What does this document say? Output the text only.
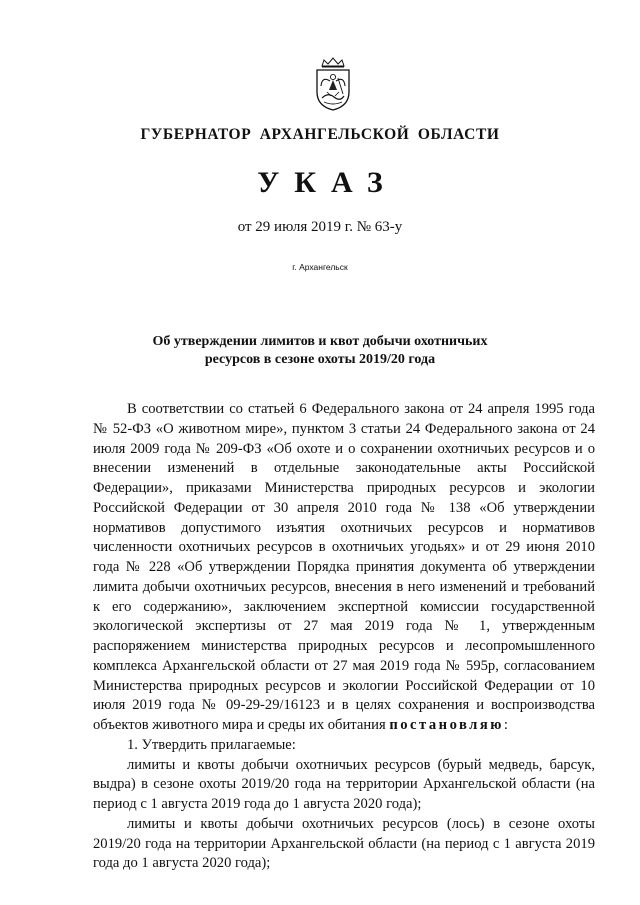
ГУБЕРНАТОР АРХАНГЕЛЬСКОЙ ОБЛАСТИ
УКАЗ
от 29 июля 2019 г. № 63-у
г. Архангельск
Об утверждении лимитов и квот добычи охотничьих
ресурсов в сезоне охоты 2019/20 года

В соответствии со статьей 6 Федерального закона от 24 апреля 1995 года № 52-ФЗ «О животном мире», пунктом 3 статьи 24 Федерального закона от 24 июля 2009 года № 209-ФЗ «Об охоте и о сохранении охотничьих ресурсов и о внесении изменений в отдельные законодательные акты Российской Федерации», приказами Министерства природных ресурсов и экологии Российской Федерации от 30 апреля 2010 года № 138 «Об утверждении нормативов допустимого изъятия охотничьих ресурсов и нормативов численности охотничьих ресурсов в охотничьих угодьях» и от 29 июня 2010 года № 228 «Об утверждении Порядка принятия документа об утверждении лимита добычи охотничьих ресурсов, внесения в него изменений и требований к его содержанию», заключением экспертной комиссии государственной экологической экспертизы от 27 мая 2019 года № 1, утвержденным распоряжением министерства природных ресурсов и лесопромышленного комплекса Архангельской области от 27 мая 2019 года № 595р, согласованием Министерства природных ресурсов и экологии Российской Федерации от 10 июля 2019 года № 09-29-29/16123 и в целях сохранения и воспроизводства объектов животного мира и среды их обитания постановляю:

1. Утвердить прилагаемые:

лимиты и квоты добычи охотничьих ресурсов (бурый медведь, барсук, выдра) в сезоне охоты 2019/20 года на территории Архангельской области (на период с 1 августа 2019 года до 1 августа 2020 года);

лимиты и квоты добычи охотничьих ресурсов (лось) в сезоне охоты 2019/20 года на территории Архангельской области (на период с 1 августа 2019 года до 1 августа 2020 года);
